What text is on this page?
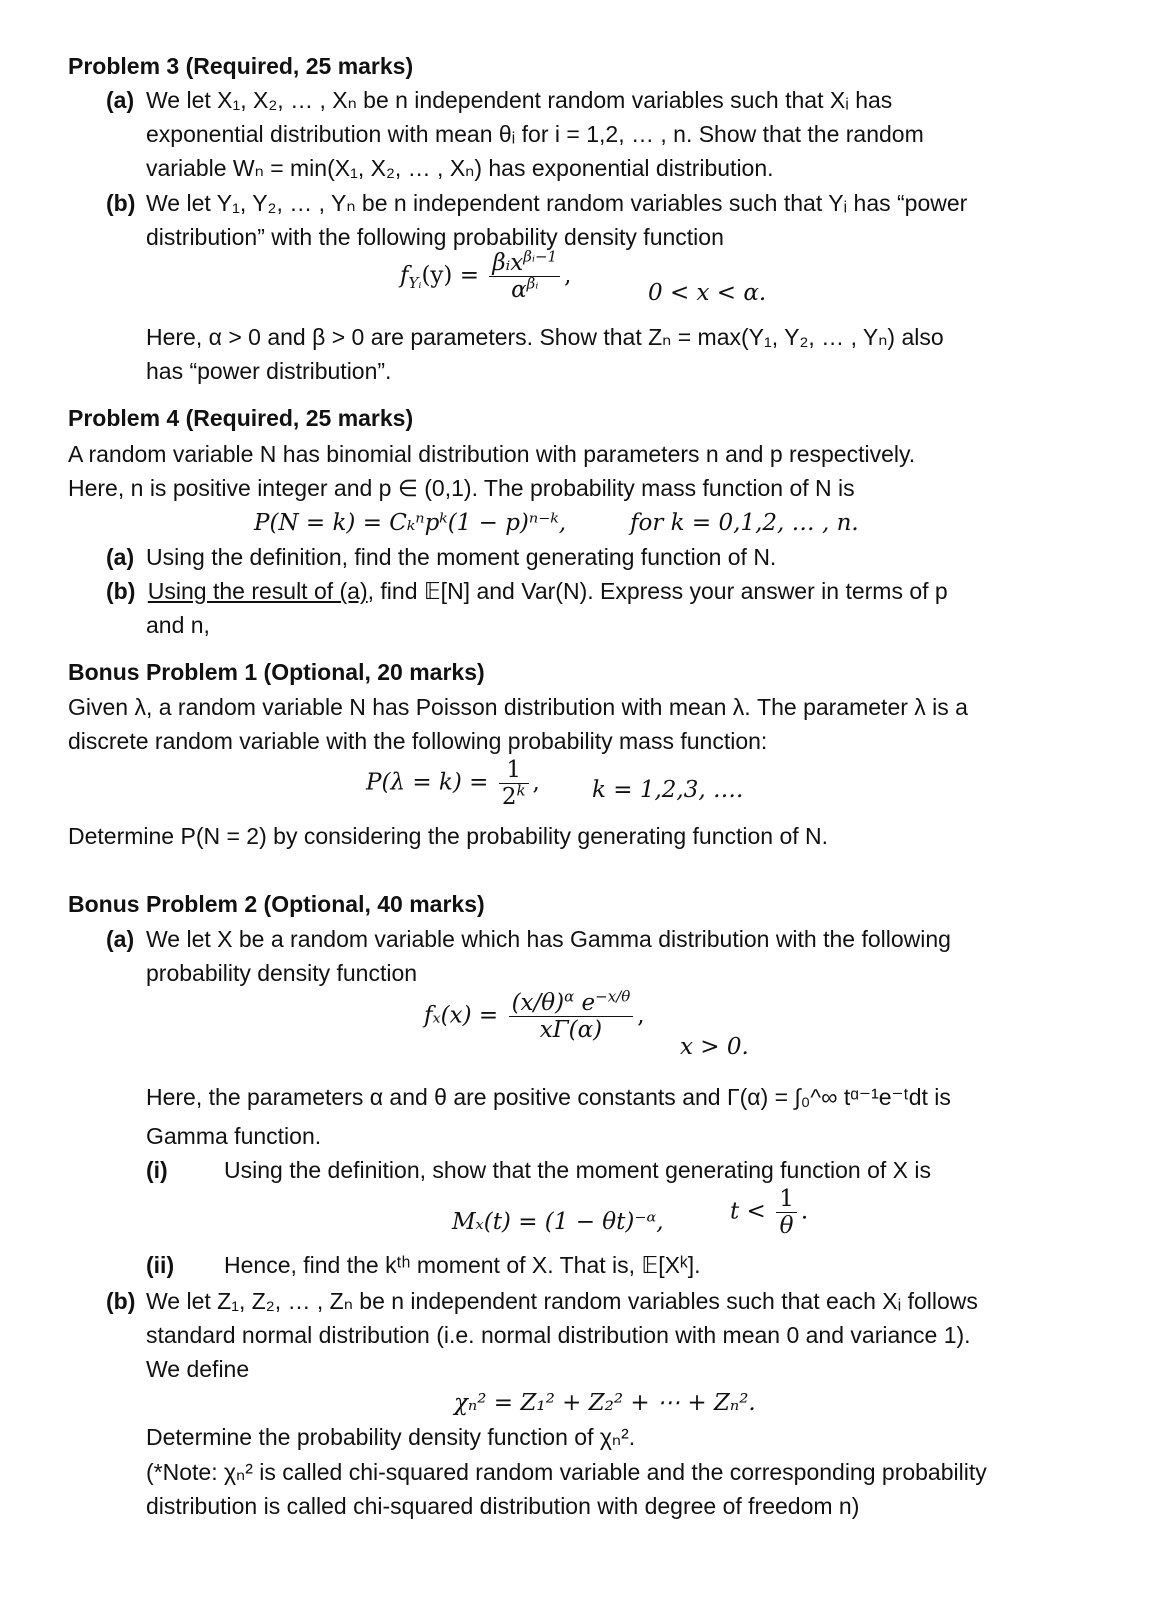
Problem 3 (Required, 25 marks)
(a) We let X₁, X₂, … , Xₙ be n independent random variables such that Xᵢ has
exponential distribution with mean θᵢ for i = 1,2, … , n. Show that the random
variable Wₙ = min(X₁, X₂, … , Xₙ) has exponential distribution.
(b) We let Y₁, Y₂, … , Yₙ be n independent random variables such that Yᵢ has “power
distribution” with the following probability density function
$f_{Yᵢ}(y)$ = βᵢx$^{\beta ᵢ-1}$
$\alpha^{\beta ᵢ}$	,
0 < x < α.
Here, α > 0 and β > 0 are parameters. Show that Zₙ = max(Y₁, Y₂, … , Yₙ) also
has “power distribution”.
Problem 4 (Required, 25 marks)
A random variable N has binomial distribution with parameters n and p respectively.
Here, n is positive integer and p ∈ (0,1). The probability mass function of N is
P(N = k) = Cₖⁿpᵏ(1 − p)ⁿ⁻ᵏ,	for k = 0,1,2, … , n.
(a) Using the definition, find the moment generating function of N.
(b) Using the result of (a), find 𝔼[N] and Var(N). Express your answer in terms of p
and n,
Bonus Problem 1 (Optional, 20 marks)
Given λ, a random variable N has Poisson distribution with mean λ. The parameter λ is a
discrete random variable with the following probability mass function:
$P(\lambda = k) = \frac{1}{2^k}$ , k = 1,2,3, ….
Determine P(N = 2) by considering the probability generating function of N.
Bonus Problem 2 (Optional, 40 marks)
(a) We let X be a random variable which has Gamma distribution with the following
probability density function
$f_x(x) = \frac{(x/\theta)^\alpha e^{-x/\theta}}{x\Gamma(\alpha)}$ ,
x > 0.
Here, the parameters α and θ are positive constants and Γ(α) = ∫₀^∞ tᵅ⁻¹e⁻ᵗdt is
Gamma function.
(i) Using the definition, show that the moment generating function of X is
Mₓ(t) = (1 − θt)⁻ᵅ,	$t < \frac{1}{\theta}$ .
(ii) Hence, find the kᵗʰ moment of X. That is, 𝔼[Xᵏ].
(b) We let Z₁, Z₂, … , Zₙ be n independent random variables such that each Xᵢ follows
standard normal distribution (i.e. normal distribution with mean 0 and variance 1).
We define
χₙ² = Z₁² + Z₂² + ⋯ + Zₙ².
Determine the probability density function of χₙ².
(*Note: χₙ² is called chi-squared random variable and the corresponding probability
distribution is called chi-squared distribution with degree of freedom n)
